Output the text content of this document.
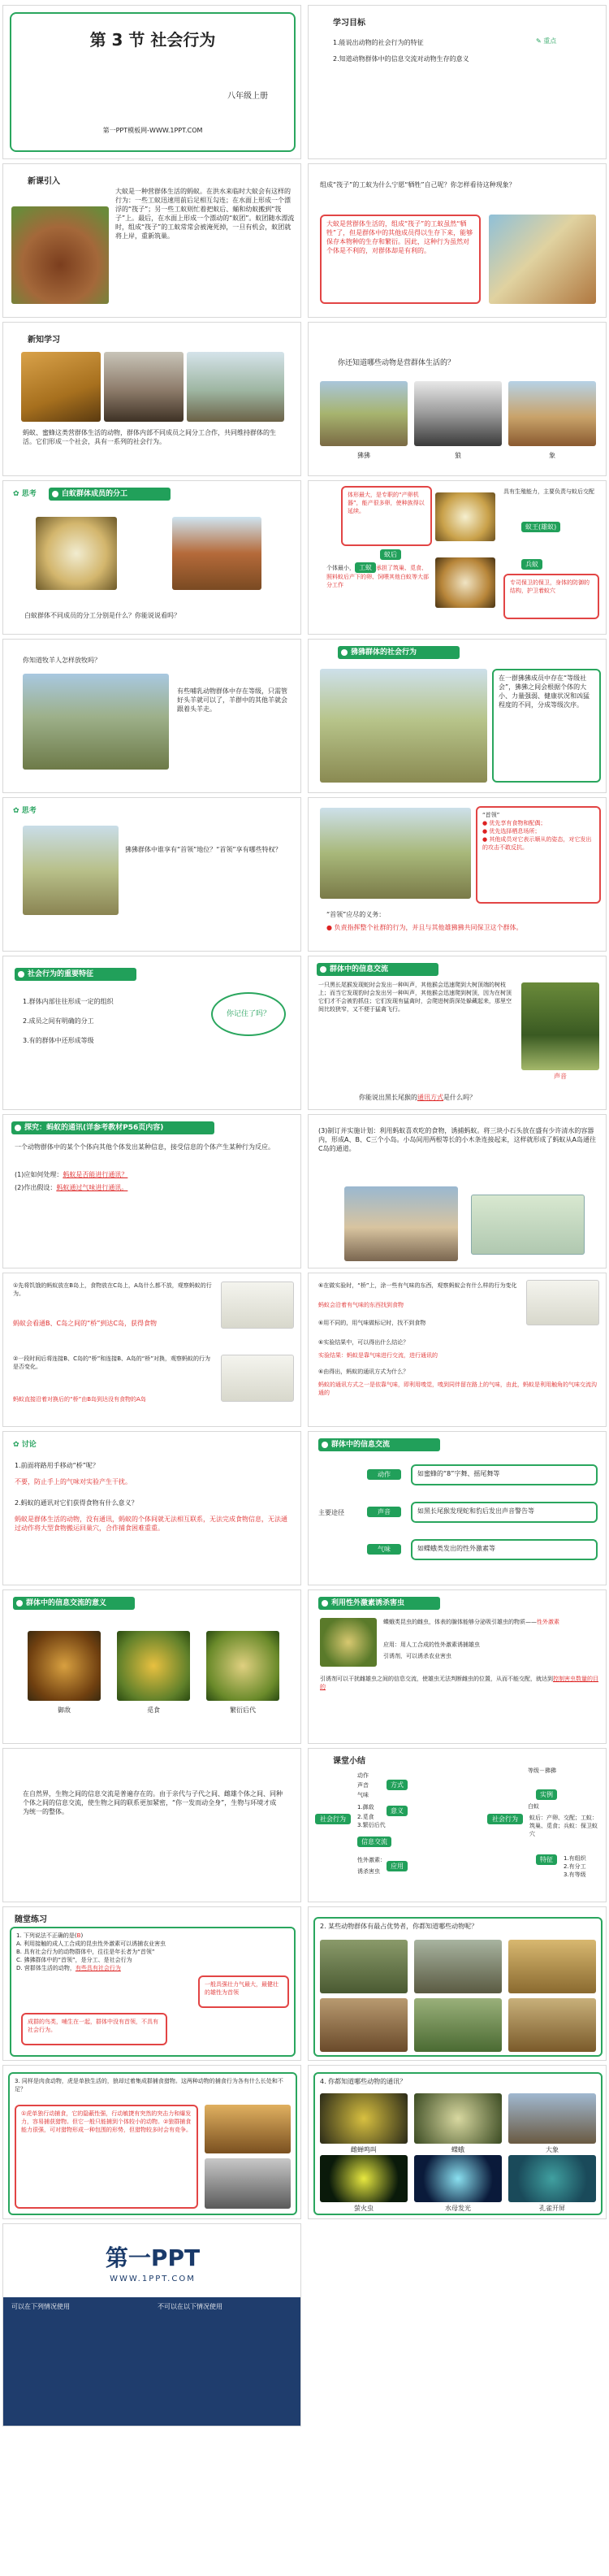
第 3 节 社会行为
八年级上册
第一PPT模板网-WWW.1PPT.COM
学习目标
1.能说出动物的社会行为的特征	✎ 重点
2.知道动物群体中的信息交流对动物生存的意义
新课引入
大蚁是一种营群体生活的蚂蚁。在洪水来临时大蚁会有这样的行为：一些工蚁迅速用前后足相互勾连；在水面上形成一个漂浮的“筏子”；另一些工蚁则忙着把蚁后、蛹和幼蚁搬到“筏子”上。最后，在水面上形成一个漂动的“蚁团”。蚁团随水漂流时，组成“筏子”的工蚁常常会被淹死掉，一旦有机会，蚁团就将上岸，重新筑巢。
组成“筏子”的工蚁为什么宁愿“牺牲”自己呢？你怎样看待这种现象？
大蚁是营群体生活的，组成“筏子”的工蚁虽然“牺牲”了，但是群体中的其他成员得以生存下来，能够保存本物种的生存和繁衍。因此，这种行为虽然对个体是不利的，对群体却是有利的。
新知学习
蚂蚁、蜜蜂这类营群体生活的动物，群体内部不同成员之间分工合作，共同维持群体的生活。它们形成一个社会，具有一系列的社会行为。
你还知道哪些动物是营群体生活的？
狒狒	狼	象
✿ 思考	白蚁群体成员的分工
白蚁群体不同成员的分工分别是什么？你能说说看吗？
体形最大，是专职的“产卵机器”，能产很多卵，使种族得以延续。
蚁后
具有生殖能力，主要负责与蚁后交配
蚁王(雄蚁)
个体最小， 工蚁 承担了筑巢、觅食、照料蚁后产下的卵、饲喂其他白蚁等大部分工作
兵蚁
专司保卫的保卫，身体的防御的结构，护卫着蚁穴
你知道牧羊人怎样放牧吗？
有些哺乳动物群体中存在等级，只需管好头羊就可以了，羊群中的其他羊就会跟着头羊走。
狒狒群体的社会行为
在一群狒狒成员中存在“等级社会”，狒狒之间会根据个体的大小、力量强弱、健康状况和凶猛程度的不同，分成等级次序。
✿ 思考
狒狒群体中谁享有“首领”地位？“首领”享有哪些特权？
“首领”
● 优先享有食物和配偶；
● 优先选择栖息场所；
● 其他成员对它表示顺从的姿态，对它发出的攻击不敢反抗。
“首领”应尽的义务：
● 负责指挥整个社群的行为，并且与其他雄狒狒共同保卫这个群体。
社会行为的重要特征
1.群体内部往往形成一定的组织
2.成员之间有明确的分工
3.有的群体中还形成等级
你记住了吗？
群体中的信息交流
一只黑长尾猴发现蛇时会发出一种叫声，其他猴会迅速爬到大树顶端的树枝上；而当它发现豹时会发出另一种叫声，其他猴会迅速爬到树顶，因为在树顶它们才不会被豹抓住；它们发现有猛禽时，会爬进树荫深处躲藏起来，那里空间比较狭窄，又不便于猛禽飞行。
声音
你能说出黑长尾猴的通讯方式是什么吗？
探究：蚂蚁的通讯(详参考教材P56页内容)
一个动物群体中的某个个体向其他个体发出某种信息，接受信息的个体产生某种行为反应。
(1)应如何处理：蚂蚁是否能进行通讯？
(2)作出假设：蚂蚁通过气味进行通讯。
(3)制订并实施计划：利用蚂蚁喜欢吃的食物，诱捕蚂蚁。将三块小石头放在盛有少许清水的容器内，形成A、B、C三个小岛。小岛间用两根等长的小木条连接起来，这样就形成了蚂蚁从A岛通往C岛的通道。
①先将饥饿的蚂蚁放在B岛上，食物放在C岛上，A岛什么都不放，观察蚂蚁的行为。
蚂蚁会看通B、C岛之间的“桥”到达C岛，获得食物
②一段时间后将连接B、C岛的“桥”和连接B、A岛的“桥”对换，观察蚂蚁的行为是否变化。
蚂蚁直接沿着对换后的“桥”由B岛到达没有食物的A岛
⑥在做实验时，“桥”上，涂一些有气味的东西，观察蚂蚁会有什么样的行为变化
蚂蚁会沿着有气味的东西找到食物
⑥用不同的，用气味做标记时，找不到食物
⑥实验结果中，可以得出什么结论？
实验结果：蚂蚁是靠气味进行交流，进行通讯的
⑥由得出，蚂蚁的通讯方式为什么？
蚂蚁的通讯方式之一是依靠气味，即利用嗅觉，嗅到同伴留在路上的气味，由此，蚂蚁是利用触角的气味交流沟通的
✿ 讨论
1.前面将路用手移动“桥”呢？
不要，防止手上的气味对实验产生干扰。
2.蚂蚁的通讯对它们获得食物有什么意义？
蚂蚁是群体生活的动物，没有通讯，蚂蚁的个体间就无法相互联系，无法完成食物信息，无法通过动作将大型食物搬运回巢穴，合作捕食困难重重。
群体中的信息交流
主要途径
动作
声音
气味
如蜜蜂的“8”字舞、摇尾舞等
如黑长尾猴发现蛇和豹后发出声音警告等
如蝶蛾类发出的性外激素等
群体中的信息交流的意义
御敌	觅食	繁衍后代
利用性外激素诱杀害虫
蝶蛾类昆虫的雌虫，体表的腺体能够分泌吸引雄虫的物质——性外激素
应用：用人工合成的性外激素诱捕雄虫
引诱剂，可以诱杀农业害虫
引诱剂可以干扰雌雄虫之间的信息交流，使雄虫无法判断雌虫的位置，从而不能交配，就达到控制害虫数量的目的
课堂小结
社会行为
动作
声音
气味
方式
信息交流
意义
应用
1.御敌
2.觅食
3.繁衍后代
性外激素：
诱杀害虫
社会行为
等级－狒狒
实例
白蚁
蚁后：产卵、交配；工蚁：筑巢、觅食；兵蚁：保卫蚁穴
特征	1.有组织
2.有分工
3.有等级
在自然界，生物之间的信息交流是普遍存在的。由于亲代与子代之间、雌雄个体之间、同种个体之间的信息交流，使生物之间的联系更加紧密，“你一发而动全身”，生物与环境才成为统一的整体。
随堂练习
1. 下列说法不正确的是(B)
A. 利用接触的成人工合成的昆虫性外激素可以诱捕农业害虫
B. 具有社会行为的动物群体中，往往是年长者为“首领”
C. 狒狒群体中的“首领”，是分工、是社会行为
D. 营群体生活的动物，有些具有社会行为
一般具强壮力气最大，最健壮的雄性为首领
成群的鸟类，哺生在一起，群体中没有首领，不具有社会行为。
2. 某些动物群体有最占优势者，你都知道哪些动物呢？
3. 同样是肉食动物，虎是单独生活的，狼却过着集成群捕食猎物。这两种动物的捕食行为各有什么长处和不足？
①虎单独行动捕食，它的隐蔽性强，行动敏捷有突然的突击力和爆发力，容易捕获猎物。但它一般只能捕到个体较小的动物。②狼群捕食能力很强，可对猎物形成一种包围的形势，但猎物较多时会有竞争。
4. 你都知道哪些动物的通讯？
雌蝉鸣叫	蝶蛾	大象
萤火虫	水母发光	孔雀开屏
第一PPT
WWW.1PPT.COM
可以在下列情况使用	不可以在以下情况使用
